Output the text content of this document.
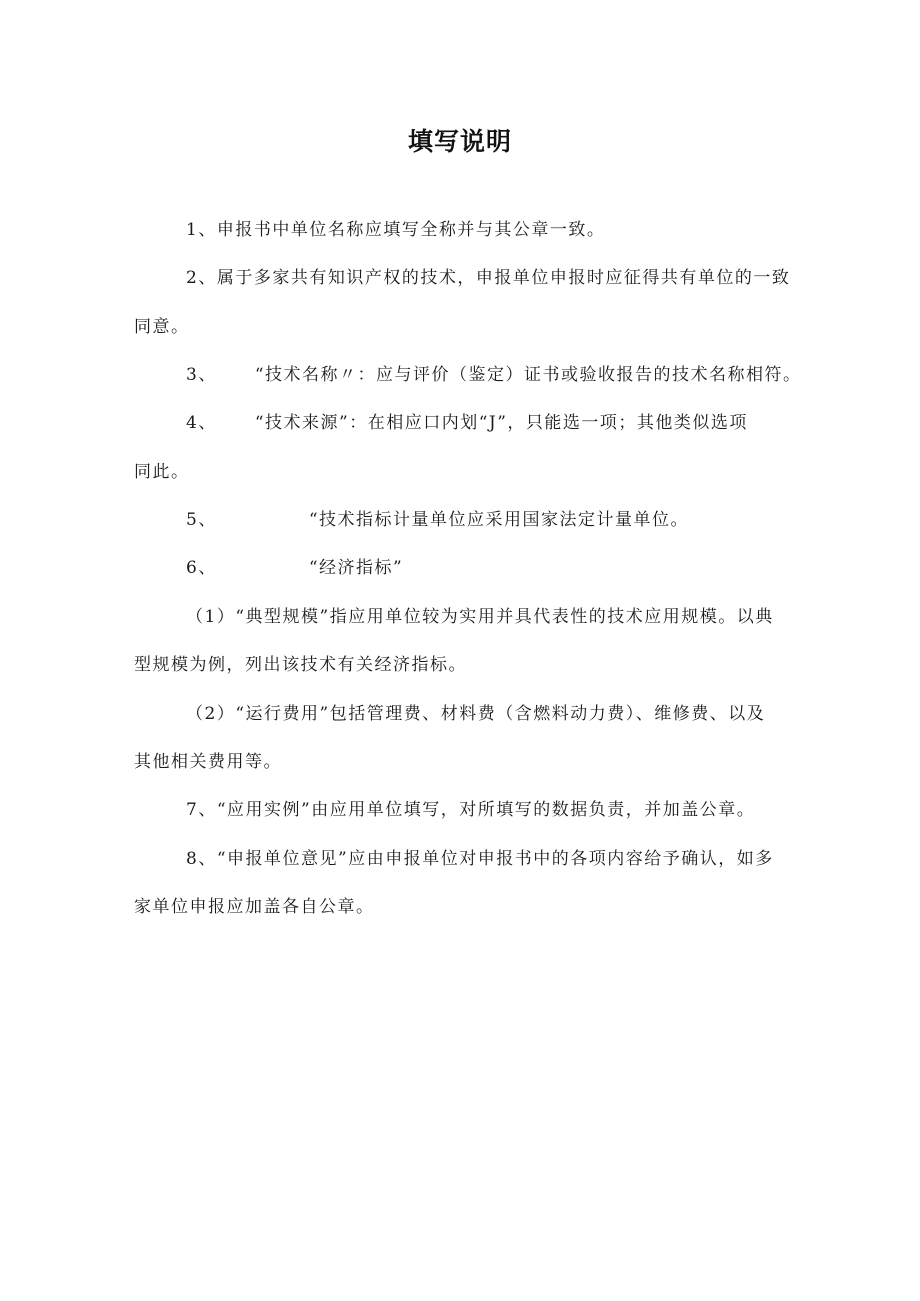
填写说明
1、申报书中单位名称应填写全称并与其公章一致。
2、属于多家共有知识产权的技术，申报单位申报时应征得共有单位的一致
同意。
3、 “技术名称〃：应与评价（鉴定）证书或验收报告的技术名称相符。
4、 “技术来源”：在相应口内划“J”，只能选一项；其他类似选项
同此。
5、	“技术指标计量单位应采用国家法定计量单位。
6、	“经济指标”
（1）“典型规模”指应用单位较为实用并具代表性的技术应用规模。以典
型规模为例，列出该技术有关经济指标。
（2）“运行费用”包括管理费、材料费（含燃料动力费）、维修费、以及
其他相关费用等。
7、“应用实例”由应用单位填写，对所填写的数据负责，并加盖公章。
8、“申报单位意见”应由申报单位对申报书中的各项内容给予确认，如多
家单位申报应加盖各自公章。
